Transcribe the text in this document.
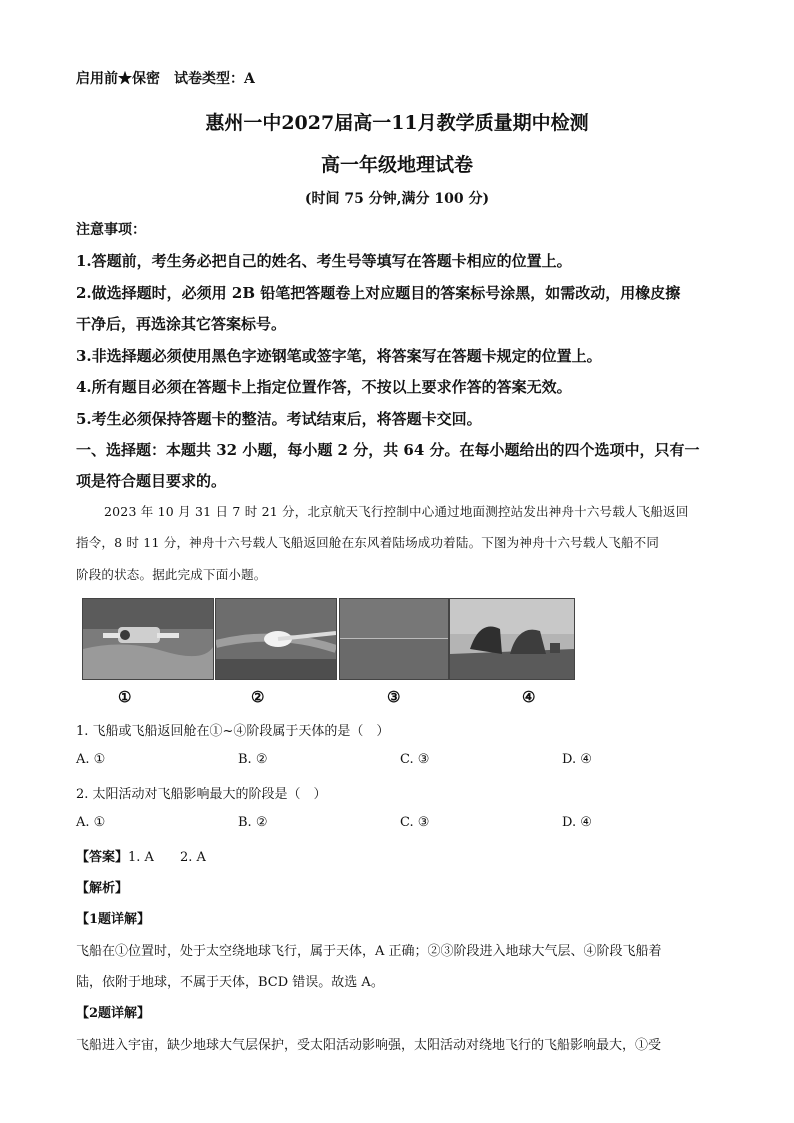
启用前★保密　试卷类型：A
惠州一中2027届高一11月教学质量期中检测
高一年级地理试卷
(时间 75 分钟,满分 100 分)
注意事项：
1.答题前，考生务必把自己的姓名、考生号等填写在答题卡相应的位置上。
2.做选择题时，必须用 2B 铅笔把答题卷上对应题目的答案标号涂黑，如需改动，用橡皮擦
干净后，再选涂其它答案标号。
3.非选择题必须使用黑色字迹钢笔或签字笔，将答案写在答题卡规定的位置上。
4.所有题目必须在答题卡上指定位置作答，不按以上要求作答的答案无效。
5.考生必须保持答题卡的整洁。考试结束后，将答题卡交回。
一、选择题：本题共 32 小题，每小题 2 分，共 64 分。在每小题给出的四个选项中，只有一
项是符合题目要求的。
2023 年 10 月 31 日 7 时 21 分，北京航天飞行控制中心通过地面测控站发出神舟十六号载人飞船返回
指令，8 时 11 分，神舟十六号载人飞船返回舱在东风着陆场成功着陆。下图为神舟十六号载人飞船不同
阶段的状态。据此完成下面小题。
①	②	③	④
1. 飞船或飞船返回舱在①~④阶段属于天体的是（　）
A. ①	B. ②	C. ③	D. ④
2. 太阳活动对飞船影响最大的阶段是（　）
A. ①	B. ②	C. ③	D. ④
【答案】1. A　　2. A
【解析】
【1题详解】
飞船在①位置时，处于太空绕地球飞行，属于天体，A 正确；②③阶段进入地球大气层、④阶段飞船着
陆，依附于地球，不属于天体，BCD 错误。故选 A。
【2题详解】
飞船进入宇宙，缺少地球大气层保护，受太阳活动影响强，太阳活动对绕地飞行的飞船影响最大，①受
